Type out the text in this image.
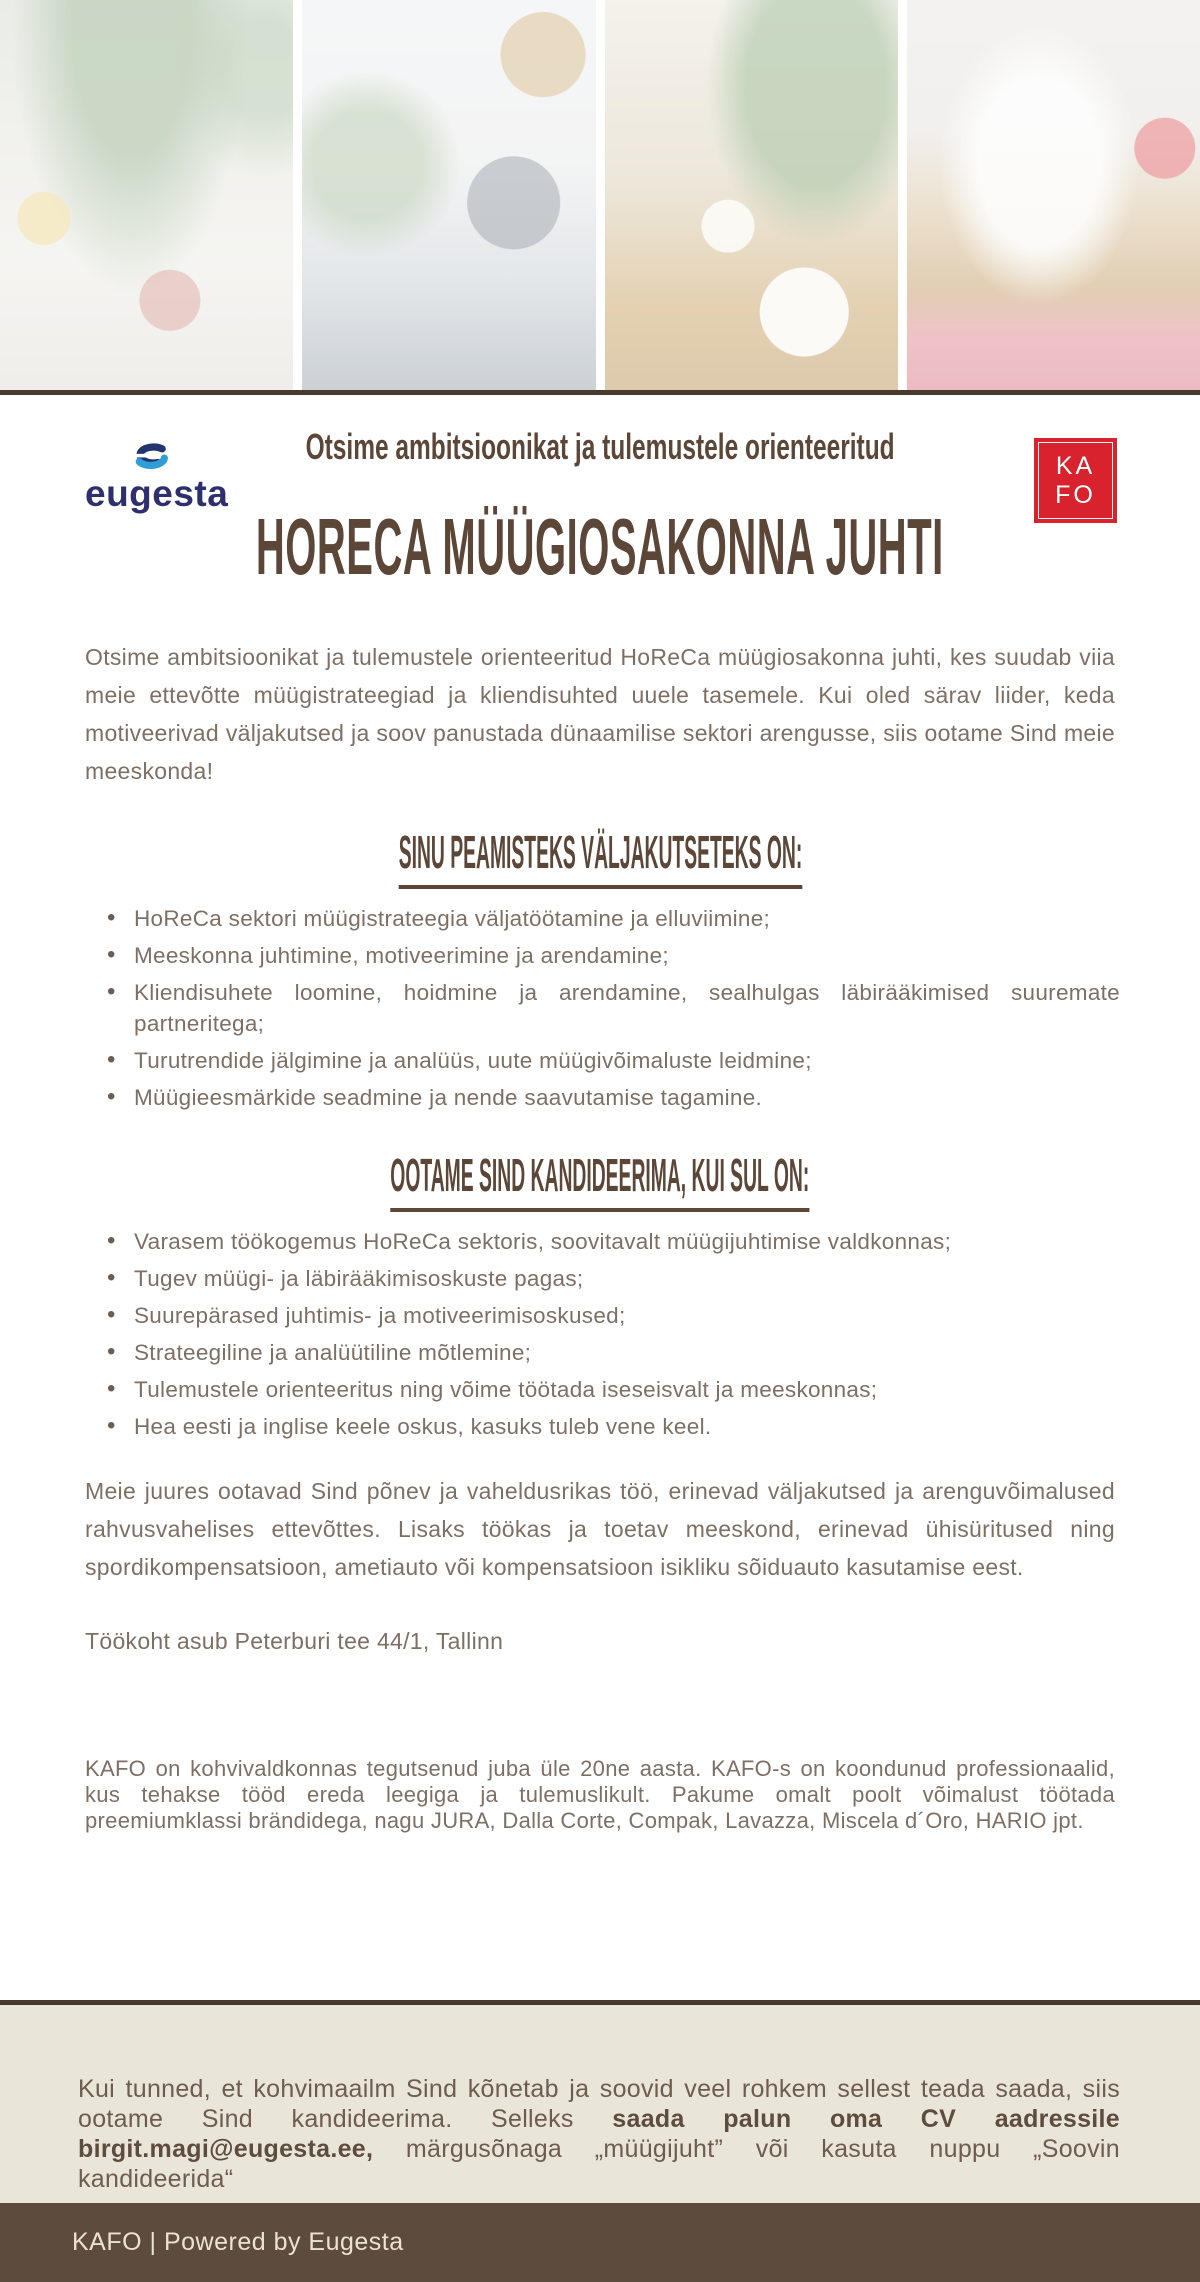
eugesta
KA
FO
Otsime ambitsioonikat ja tulemustele orienteeritud
HORECA MÜÜGIOSAKONNA JUHTI

Otsime ambitsioonikat ja tulemustele orienteeritud HoReCa müügiosakonna juhti, kes suudab viia meie ettevõtte müügistrateegiad ja kliendisuhted uuele tasemele. Kui oled särav liider, keda motiveerivad väljakutsed ja soov panustada dünaamilise sektori arengusse, siis ootame Sind meie meeskonda!

SINU PEAMISTEKS VÄLJAKUTSETEKS ON:
• HoReCa sektori müügistrateegia väljatöötamine ja elluviimine;
• Meeskonna juhtimine, motiveerimine ja arendamine;
• Kliendisuhete loomine, hoidmine ja arendamine, sealhulgas läbirääkimised suuremate partneritega;
• Turutrendide jälgimine ja analüüs, uute müügivõimaluste leidmine;
• Müügieesmärkide seadmine ja nende saavutamise tagamine.
OOTAME SIND KANDIDEERIMA, KUI SUL ON:
• Varasem töökogemus HoReCa sektoris, soovitavalt müügijuhtimise valdkonnas;
• Tugev müügi- ja läbirääkimisoskuste pagas;
• Suurepärased juhtimis- ja motiveerimisoskused;
• Strateegiline ja analüütiline mõtlemine;
• Tulemustele orienteeritus ning võime töötada iseseisvalt ja meeskonnas;
• Hea eesti ja inglise keele oskus, kasuks tuleb vene keel.

Meie juures ootavad Sind põnev ja vaheldusrikas töö, erinevad väljakutsed ja arenguvõimalused rahvusvahelises ettevõttes. Lisaks töökas ja toetav meeskond, erinevad ühisüritused ning spordikompensatsioon, ametiauto või kompensatsioon isikliku sõiduauto kasutamise eest.

Töökoht asub Peterburi tee 44/1, Tallinn

KAFO on kohvivaldkonnas tegutsenud juba üle 20ne aasta. KAFO-s on koondunud professionaalid, kus tehakse tööd ereda leegiga ja tulemuslikult. Pakume omalt poolt võimalust töötada preemiumklassi brändidega, nagu JURA, Dalla Corte, Compak, Lavazza, Miscela d´Oro, HARIO jpt.

Kui tunned, et kohvimaailm Sind kõnetab ja soovid veel rohkem sellest teada saada, siis ootame Sind kandideerima. Selleks saada palun oma CV aadressile birgit.magi@eugesta.ee, märgusõnaga „müügijuht” või kasuta nuppu „Soovin kandideerida“

KAFO | Powered by Eugesta
